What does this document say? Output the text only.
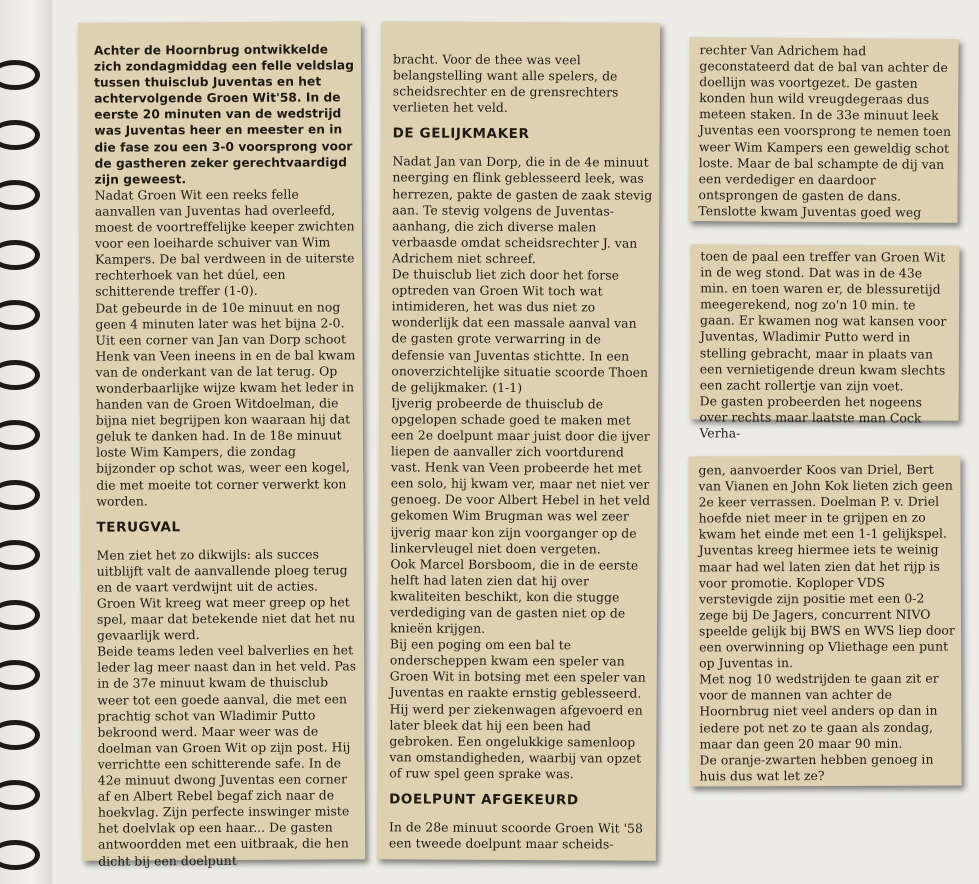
Achter de Hoornbrug ontwikkelde zich zondagmiddag een felle veldslag tussen thuisclub Juventas en het achtervolgende Groen Wit'58. In de eerste 20 minuten van de wedstrijd was Juventas heer en meester en in die fase zou een 3-0 voorsprong voor de gastheren zeker gerechtvaardigd zijn geweest.

Nadat Groen Wit een reeks felle aanvallen van Juventas had overleefd, moest de voortreffelijke keeper zwichten voor een loeiharde schuiver van Wim Kampers. De bal verdween in de uiterste rechterhoek van het dúel, een schitterende treffer (1-0).

Dat gebeurde in de 10e minuut en nog geen 4 minuten later was het bijna 2-0. Uit een corner van Jan van Dorp schoot Henk van Veen ineens in en de bal kwam van de onderkant van de lat terug. Op wonderbaarlijke wijze kwam het leder in handen van de Groen Witdoelman, die bijna niet begrijpen kon waaraan hij dat geluk te danken had. In de 18e minuut loste Wim Kampers, die zondag bijzonder op schot was, weer een kogel, die met moeite tot corner verwerkt kon worden.

TERUGVAL

Men ziet het zo dikwijls: als succes uitblijft valt de aanvallende ploeg terug en de vaart verdwijnt uit de acties. Groen Wit kreeg wat meer greep op het spel, maar dat betekende niet dat het nu gevaarlijk werd.

Beide teams leden veel balverlies en het leder lag meer naast dan in het veld. Pas in de 37e minuut kwam de thuisclub weer tot een goede aanval, die met een prachtig schot van Wladimir Putto bekroond werd. Maar weer was de doelman van Groen Wit op zijn post. Hij verrichtte een schitterende safe. In de 42e minuut dwong Juventas een corner af en Albert Rebel begaf zich naar de hoekvlag. Zijn perfecte inswinger miste het doelvlak op een haar... De gasten antwoordden met een uitbraak, die hen dicht bij een doelpunt

bracht. Voor de thee was veel belangstelling want alle spelers, de scheidsrechter en de grensrechters verlieten het veld.

DE GELIJKMAKER

Nadat Jan van Dorp, die in de 4e minuut neerging en flink geblesseerd leek, was herrezen, pakte de gasten de zaak stevig aan. Te stevig volgens de Juventas-aanhang, die zich diverse malen verbaasde omdat scheidsrechter J. van Adrichem niet schreef.

De thuisclub liet zich door het forse optreden van Groen Wit toch wat intimideren, het was dus niet zo wonderlijk dat een massale aanval van de gasten grote verwarring in de defensie van Juventas stichtte. In een onoverzichtelijke situatie scoorde Thoen de gelijkmaker. (1-1)

Ijverig probeerde de thuisclub de opgelopen schade goed te maken met een 2e doelpunt maar juist door die ijver liepen de aanvaller zich voortdurend vast. Henk van Veen probeerde het met een solo, hij kwam ver, maar net niet ver genoeg. De voor Albert Hebel in het veld gekomen Wim Brugman was wel zeer ijverig maar kon zijn voorganger op de linkervleugel niet doen vergeten.

Ook Marcel Borsboom, die in de eerste helft had laten zien dat hij over kwaliteiten beschikt, kon die stugge verdediging van de gasten niet op de knieën krijgen.

Bij een poging om een bal te onderscheppen kwam een speler van Groen Wit in botsing met een speler van Juventas en raakte ernstig geblesseerd. Hij werd per ziekenwagen afgevoerd en later bleek dat hij een been had gebroken. Een ongelukkige samenloop van omstandigheden, waarbij van opzet of ruw spel geen sprake was.

DOELPUNT AFGEKEURD

In de 28e minuut scoorde Groen Wit '58 een tweede doelpunt maar scheids-

rechter Van Adrichem had geconstateerd dat de bal van achter de doellijn was voortgezet. De gasten konden hun wild vreugdegeraas dus meteen staken. In de 33e minuut leek Juventas een voorsprong te nemen toen weer Wim Kampers een geweldig schot loste. Maar de bal schampte de dij van een verdediger en daardoor ontsprongen de gasten de dans.

Tenslotte kwam Juventas goed weg

toen de paal een treffer van Groen Wit in de weg stond. Dat was in de 43e min. en toen waren er, de blessuretijd meegerekend, nog zo'n 10 min. te gaan. Er kwamen nog wat kansen voor Juventas, Wladimir Putto werd in stelling gebracht, maar in plaats van een vernietigende dreun kwam slechts een zacht rollertje van zijn voet.

De gasten probeerden het nogeens over rechts maar laatste man Cock Verha-

gen, aanvoerder Koos van Driel, Bert van Vianen en John Kok lieten zich geen 2e keer verrassen. Doelman P. v. Driel hoefde niet meer in te grijpen en zo kwam het einde met een 1-1 gelijkspel.

Juventas kreeg hiermee iets te weinig maar had wel laten zien dat het rijp is voor promotie. Koploper VDS verstevigde zijn positie met een 0-2 zege bij De Jagers, concurrent NIVO speelde gelijk bij BWS en WVS liep door een overwinning op Vliethage een punt op Juventas in.

Met nog 10 wedstrijden te gaan zit er voor de mannen van achter de Hoornbrug niet veel anders op dan in iedere pot net zo te gaan als zondag, maar dan geen 20 maar 90 min.

De oranje-zwarten hebben genoeg in huis dus wat let ze?
